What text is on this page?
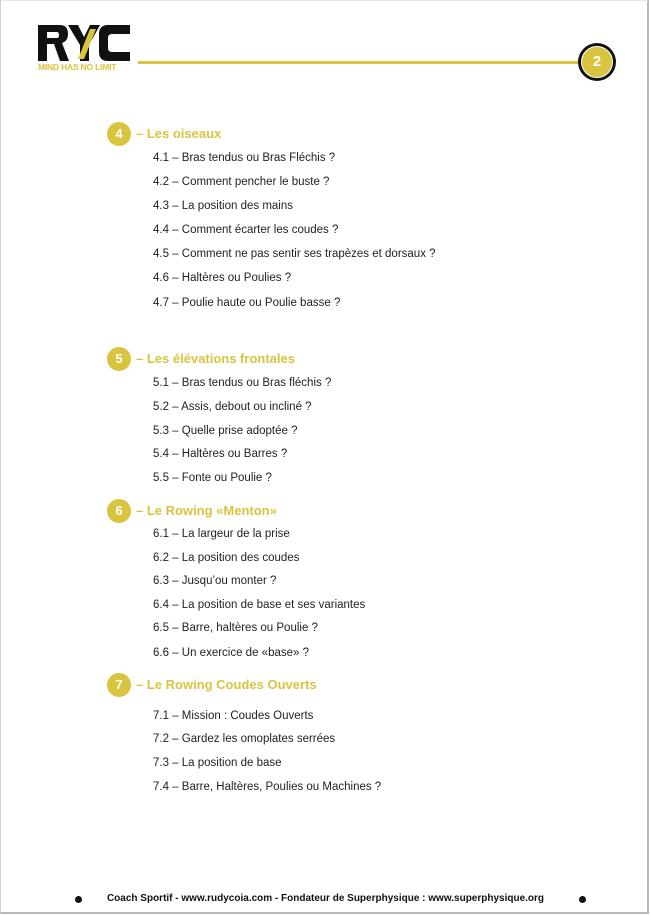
MIND HAS NO LIMIT	2
4	– Les oiseaux
4.1 – Bras tendus ou Bras Fléchis ?
4.2 – Comment pencher le buste ?
4.3 – La position des mains
4.4 – Comment écarter les coudes ?
4.5 – Comment ne pas sentir ses trapèzes et dorsaux ?
4.6 – Haltères ou Poulies ?
4.7 – Poulie haute ou Poulie basse ?
5	– Les élévations frontales
5.1 – Bras tendus ou Bras fléchis ?
5.2 – Assis, debout ou incliné ?
5.3 – Quelle prise adoptée ?
5.4 – Haltères ou Barres ?
5.5 – Fonte ou Poulie ?
6	– Le Rowing «Menton»
6.1 – La largeur de la prise
6.2 – La position des coudes
6.3 – Jusqu’ou monter ?
6.4 – La position de base et ses variantes
6.5 – Barre, haltères ou Poulie ?
6.6 – Un exercice de «base» ?
7	– Le Rowing Coudes Ouverts
7.1 – Mission : Coudes Ouverts
7.2 – Gardez les omoplates serrées
7.3 – La position de base
7.4 – Barre, Haltères, Poulies ou Machines ?
Coach Sportif - www.rudycoia.com - Fondateur de Superphysique : www.superphysique.org
